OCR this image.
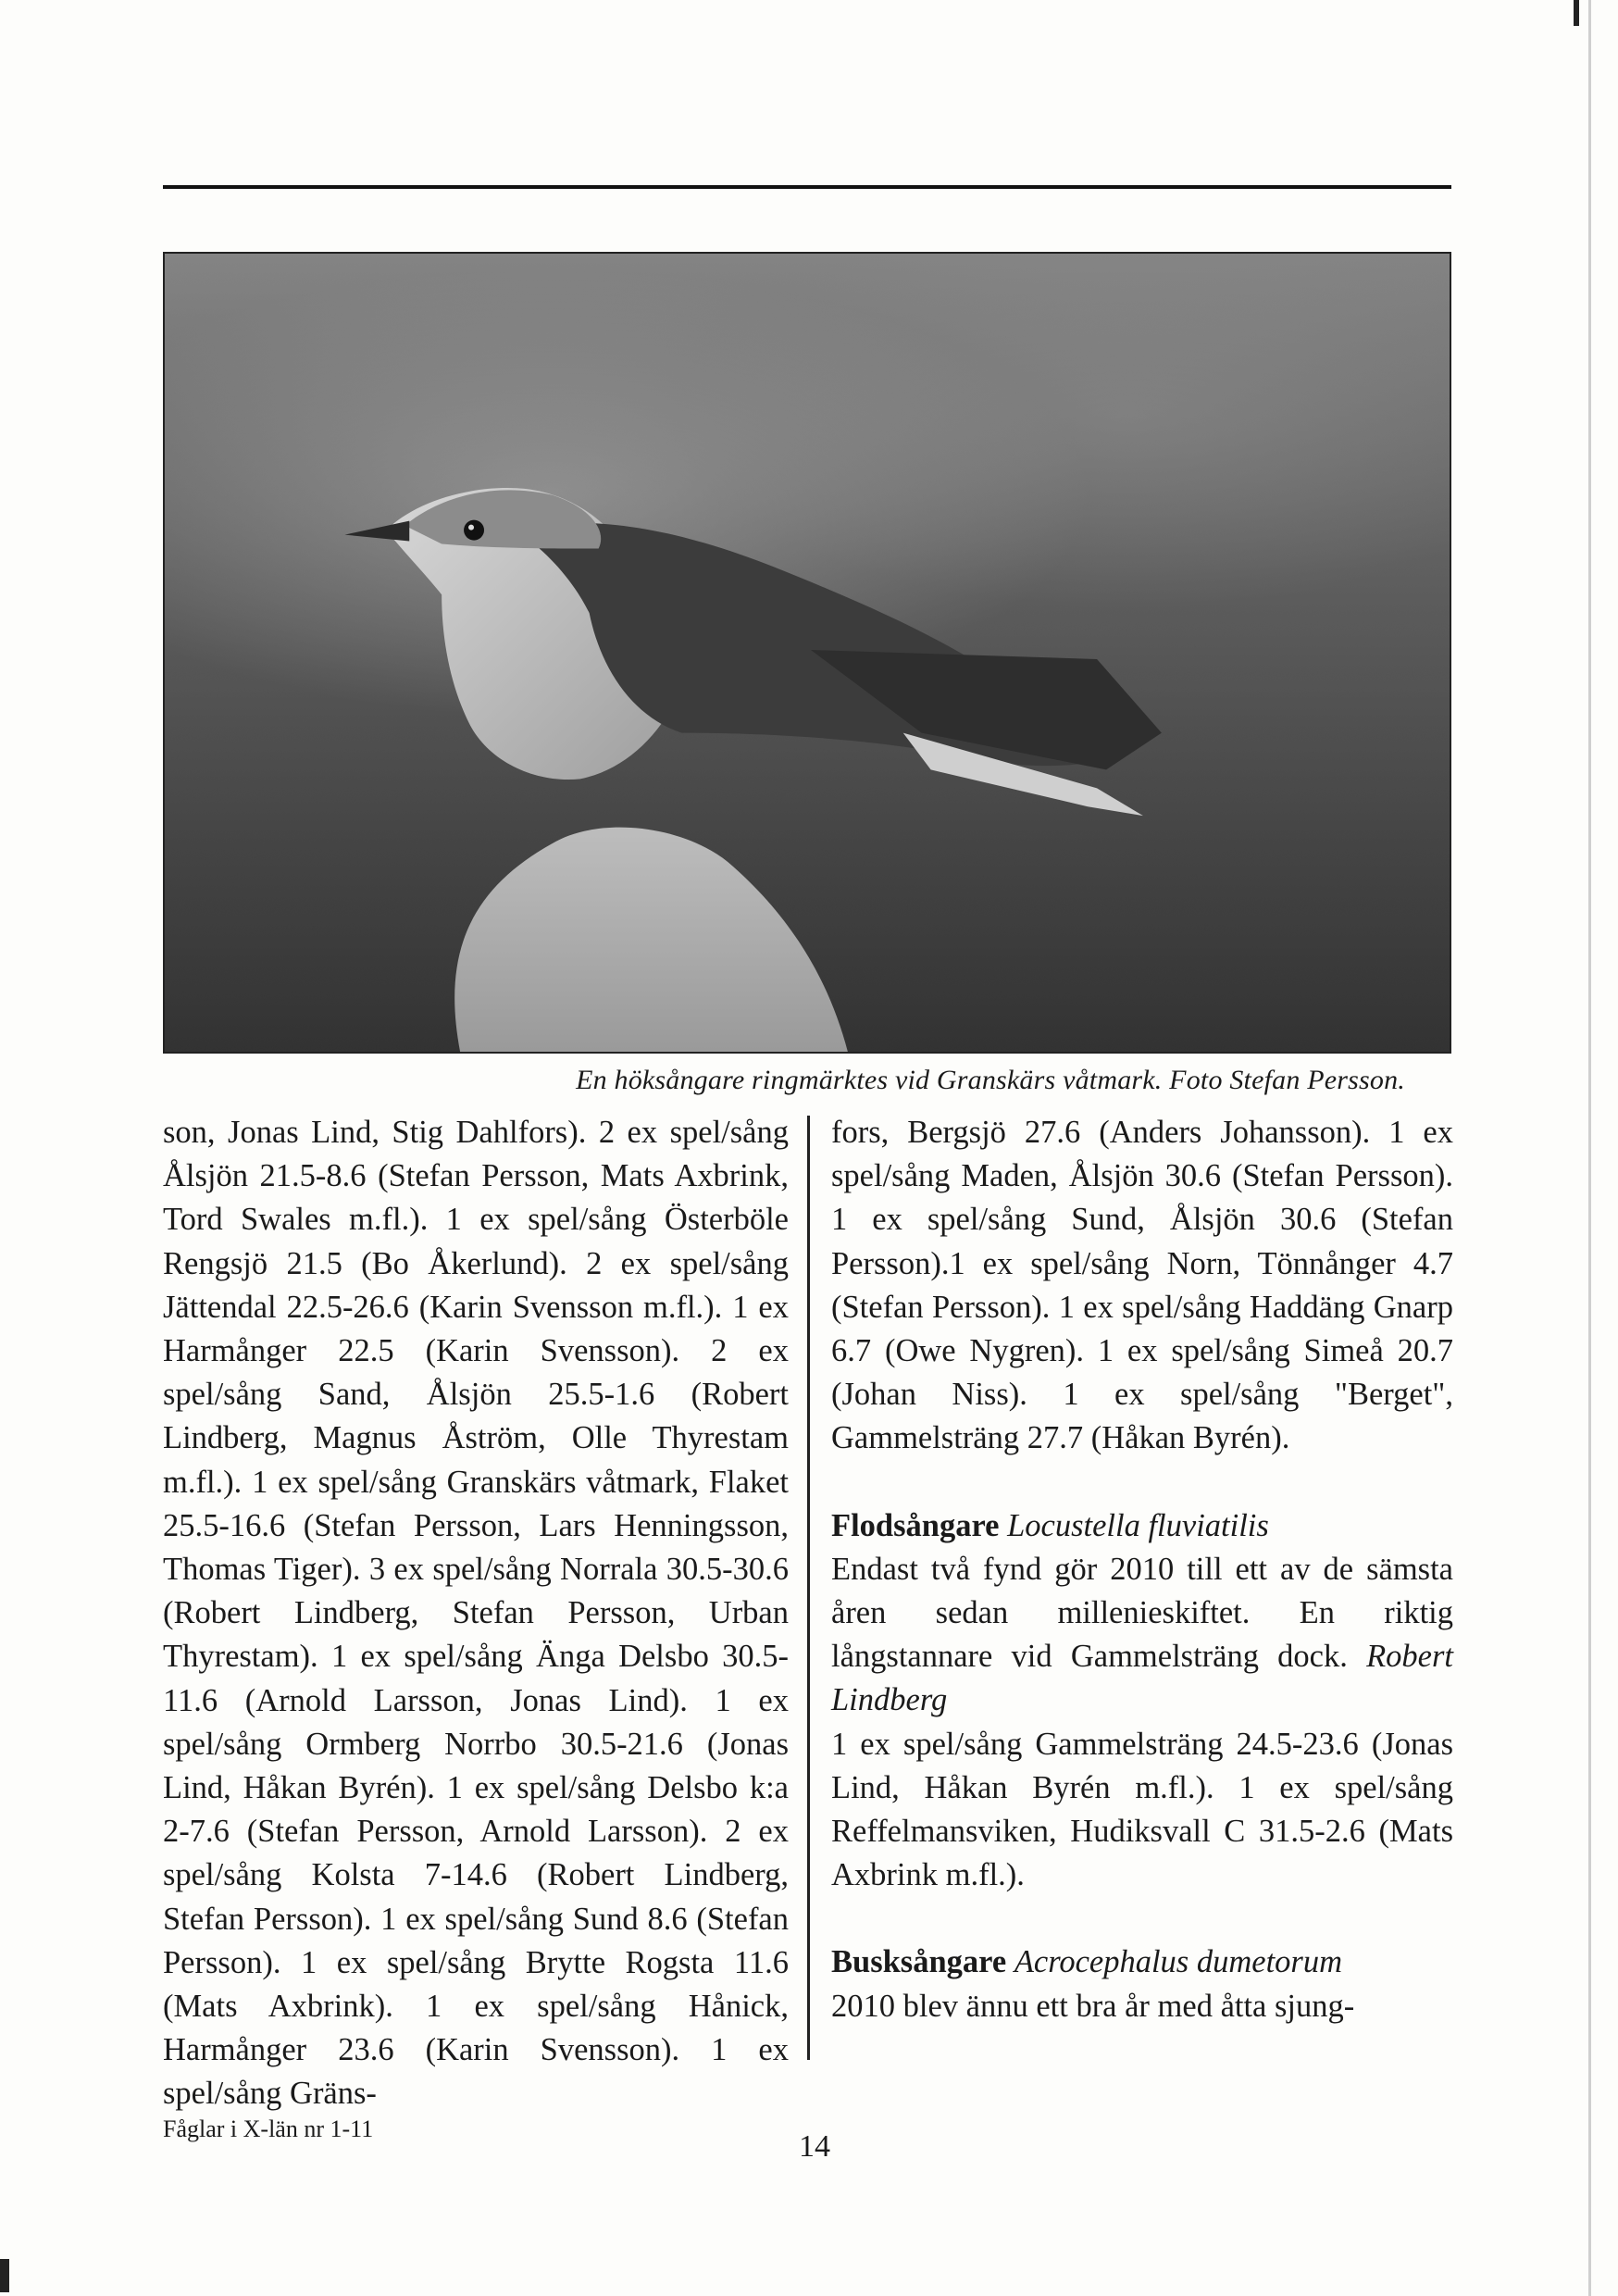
En höksångare ringmärktes vid Granskärs våtmark. Foto Stefan Persson.

son, Jonas Lind, Stig Dahlfors). 2 ex spel/sång Ålsjön 21.5-8.6 (Stefan Persson, Mats Axbrink, Tord Swales m.fl.). 1 ex spel/sång Österböle Rengsjö 21.5 (Bo Åkerlund). 2 ex spel/sång Jättendal 22.5-26.6 (Karin Svensson m.fl.). 1 ex Harmånger 22.5 (Karin Svensson). 2 ex spel/sång Sand, Ålsjön 25.5-1.6 (Robert Lindberg, Magnus Åström, Olle Thyrestam m.fl.). 1 ex spel/sång Granskärs våtmark, Flaket 25.5-16.6 (Stefan Persson, Lars Henningsson, Thomas Tiger). 3 ex spel/sång Norrala 30.5-30.6 (Robert Lindberg, Stefan Persson, Urban Thyrestam). 1 ex spel/sång Änga Delsbo 30.5-11.6 (Arnold Larsson, Jonas Lind). 1 ex spel/sång Ormberg Norrbo 30.5-21.6 (Jonas Lind, Håkan Byrén). 1 ex spel/sång Delsbo k:a 2-7.6 (Stefan Persson, Arnold Larsson). 2 ex spel/sång Kolsta 7-14.6 (Robert Lindberg, Stefan Persson). 1 ex spel/sång Sund 8.6 (Stefan Persson). 1 ex spel/sång Brytte Rogsta 11.6 (Mats Axbrink). 1 ex spel/sång Hånick, Harmånger 23.6 (Karin Svensson). 1 ex spel/sång Gräns-

fors, Bergsjö 27.6 (Anders Johansson). 1 ex spel/sång Maden, Ålsjön 30.6 (Stefan Persson). 1 ex spel/sång Sund, Ålsjön 30.6 (Stefan Persson).1 ex spel/sång Norn, Tönnånger 4.7 (Stefan Persson). 1 ex spel/sång Haddäng Gnarp 6.7 (Owe Nygren). 1 ex spel/sång Simeå 20.7 (Johan Niss). 1 ex spel/sång "Berget", Gammelsträng 27.7 (Håkan Byrén).

Flodsångare Locustella fluviatilis

Endast två fynd gör 2010 till ett av de sämsta åren sedan millenieskiftet. En riktig långstannare vid Gammelsträng dock. Robert Lindberg

1 ex spel/sång Gammelsträng 24.5-23.6 (Jonas Lind, Håkan Byrén m.fl.). 1 ex spel/sång Reffelmansviken, Hudiksvall C 31.5-2.6 (Mats Axbrink m.fl.).

Busksångare Acrocephalus dumetorum

2010 blev ännu ett bra år med åtta sjung-

Fåglar i X-län nr 1-11
14
